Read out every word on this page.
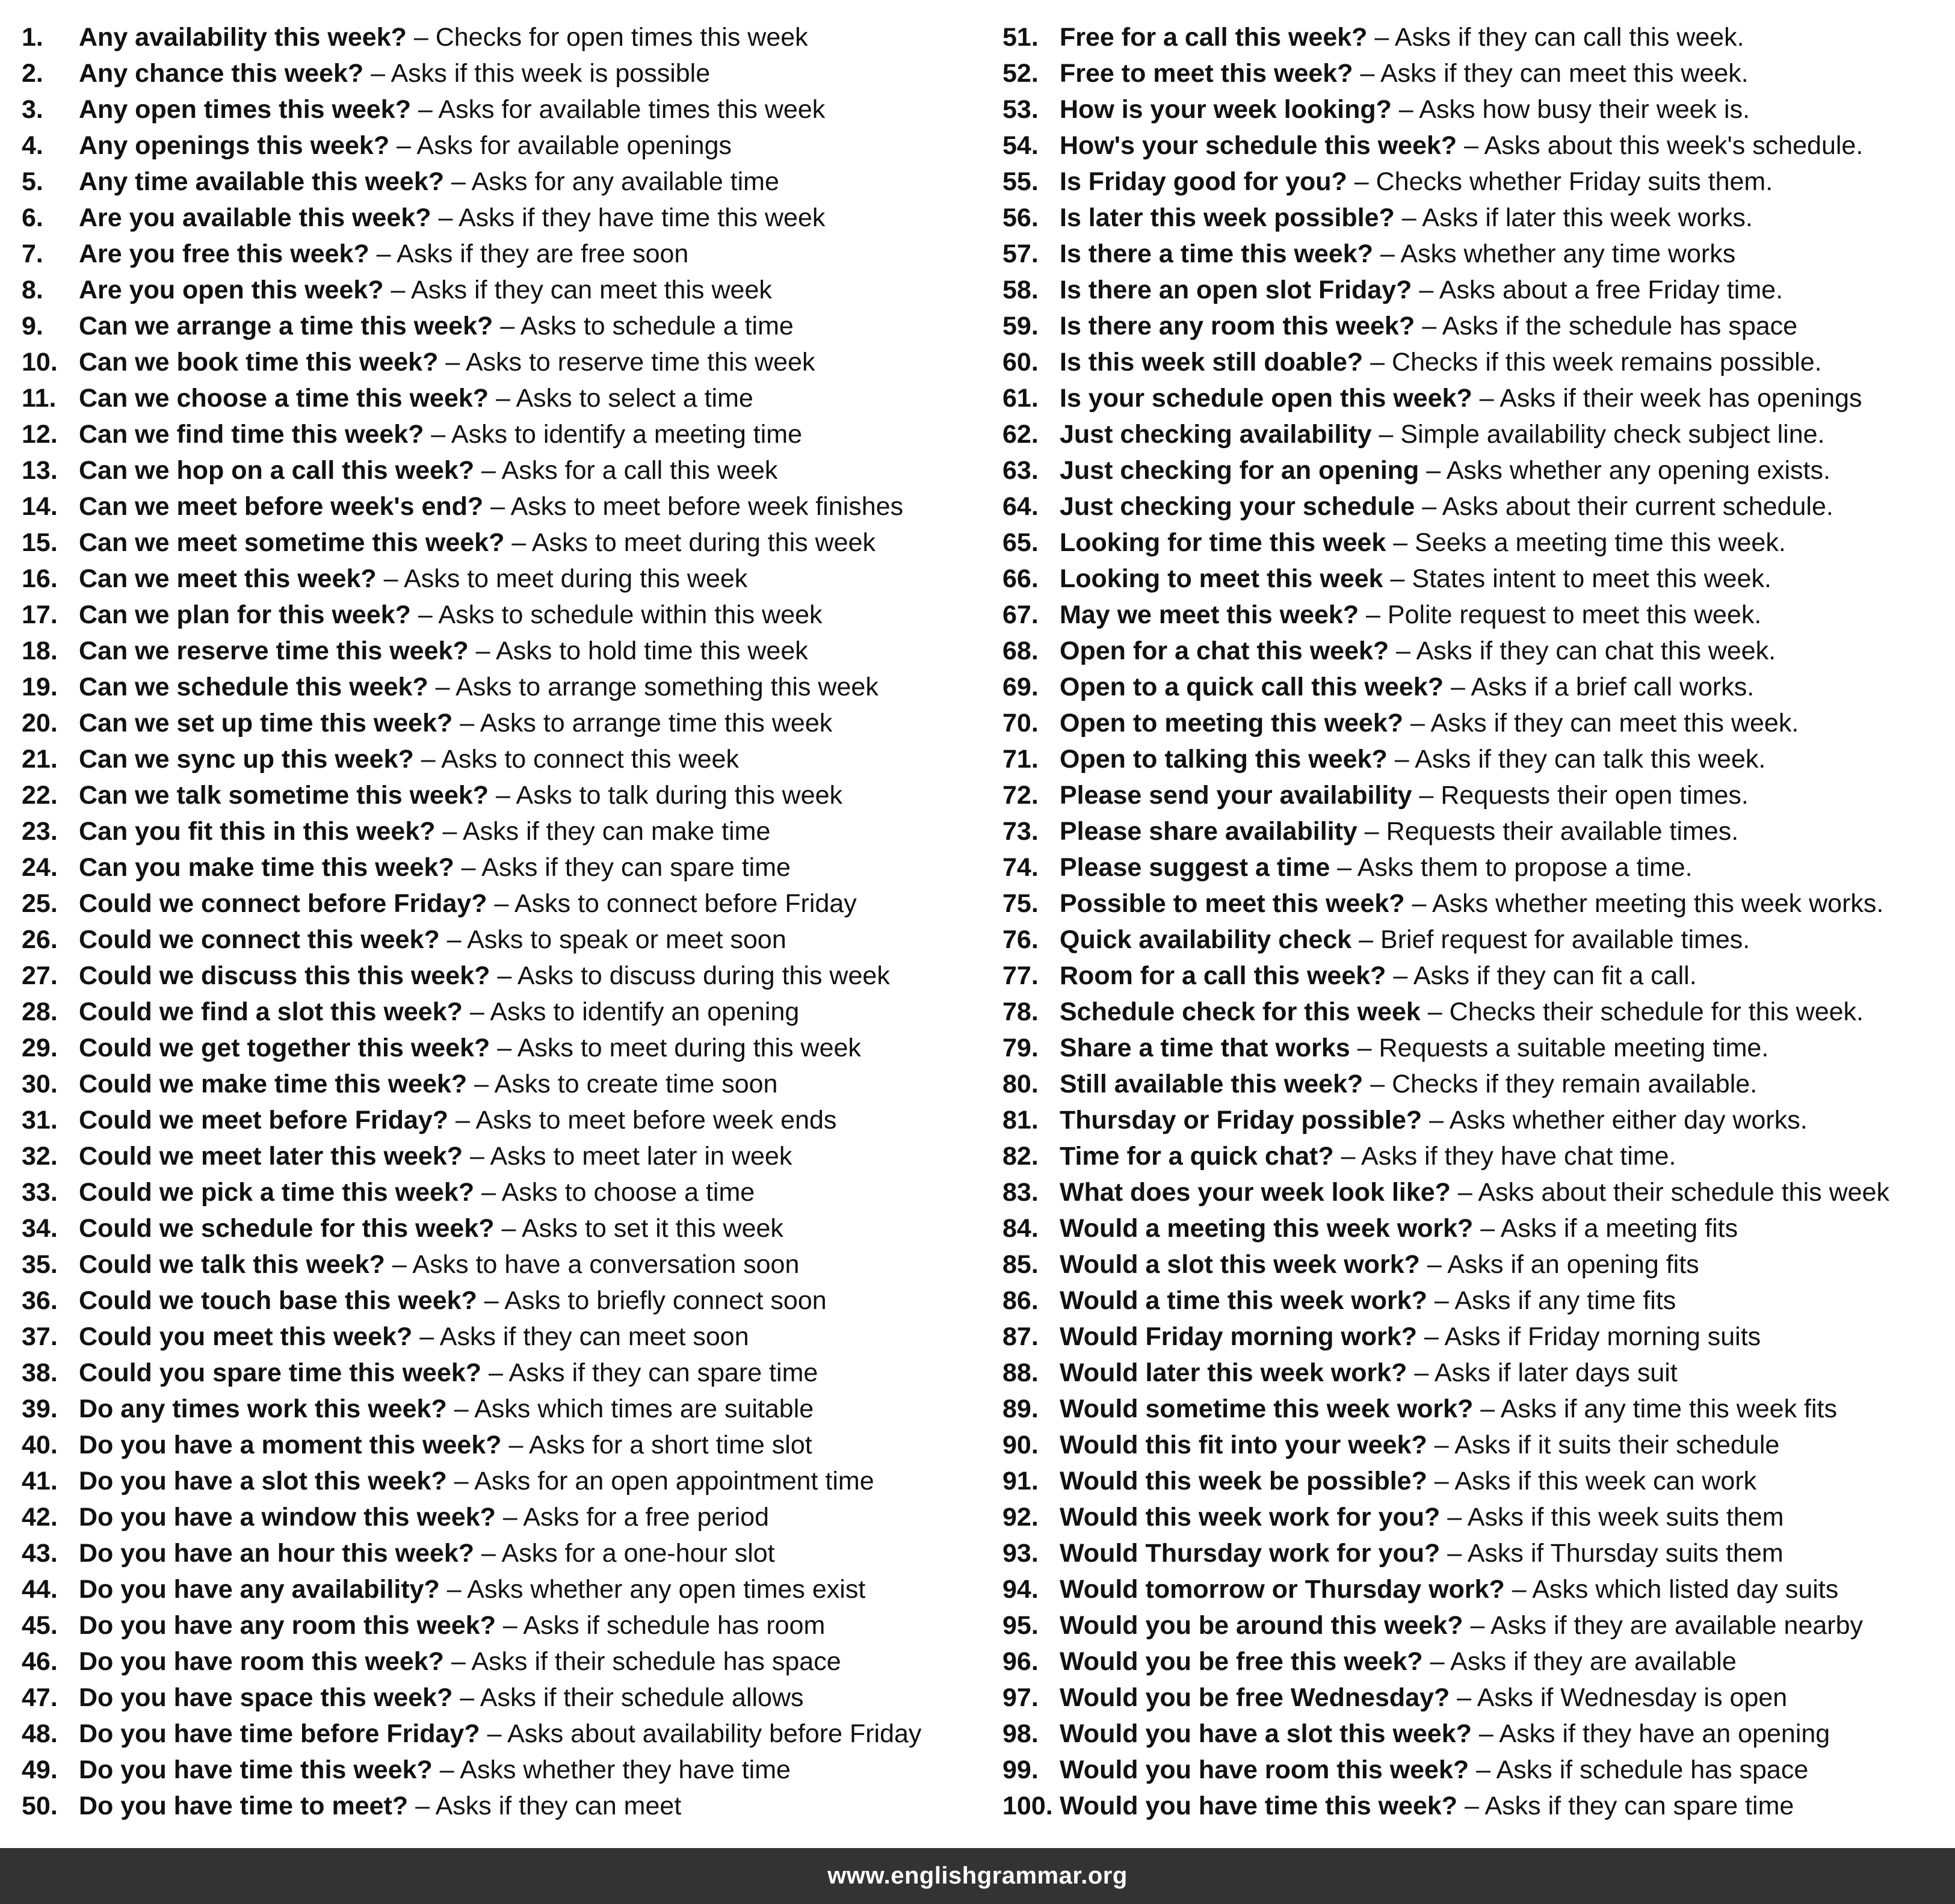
1. Any availability this week? – Checks for open times this week
2. Any chance this week? – Asks if this week is possible
3. Any open times this week? – Asks for available times this week
4. Any openings this week? – Asks for available openings
5. Any time available this week? – Asks for any available time
6. Are you available this week? – Asks if they have time this week
7. Are you free this week? – Asks if they are free soon
8. Are you open this week? – Asks if they can meet this week
9. Can we arrange a time this week? – Asks to schedule a time
10. Can we book time this week? – Asks to reserve time this week
11. Can we choose a time this week? – Asks to select a time
12. Can we find time this week? – Asks to identify a meeting time
13. Can we hop on a call this week? – Asks for a call this week
14. Can we meet before week's end? – Asks to meet before week finishes
15. Can we meet sometime this week? – Asks to meet during this week
16. Can we meet this week? – Asks to meet during this week
17. Can we plan for this week? – Asks to schedule within this week
18. Can we reserve time this week? – Asks to hold time this week
19. Can we schedule this week? – Asks to arrange something this week
20. Can we set up time this week? – Asks to arrange time this week
21. Can we sync up this week? – Asks to connect this week
22. Can we talk sometime this week? – Asks to talk during this week
23. Can you fit this in this week? – Asks if they can make time
24. Can you make time this week? – Asks if they can spare time
25. Could we connect before Friday? – Asks to connect before Friday
26. Could we connect this week? – Asks to speak or meet soon
27. Could we discuss this this week? – Asks to discuss during this week
28. Could we find a slot this week? – Asks to identify an opening
29. Could we get together this week? – Asks to meet during this week
30. Could we make time this week? – Asks to create time soon
31. Could we meet before Friday? – Asks to meet before week ends
32. Could we meet later this week? – Asks to meet later in week
33. Could we pick a time this week? – Asks to choose a time
34. Could we schedule for this week? – Asks to set it this week
35. Could we talk this week? – Asks to have a conversation soon
36. Could we touch base this week? – Asks to briefly connect soon
37. Could you meet this week? – Asks if they can meet soon
38. Could you spare time this week? – Asks if they can spare time
39. Do any times work this week? – Asks which times are suitable
40. Do you have a moment this week? – Asks for a short time slot
41. Do you have a slot this week? – Asks for an open appointment time
42. Do you have a window this week? – Asks for a free period
43. Do you have an hour this week? – Asks for a one-hour slot
44. Do you have any availability? – Asks whether any open times exist
45. Do you have any room this week? – Asks if schedule has room
46. Do you have room this week? – Asks if their schedule has space
47. Do you have space this week? – Asks if their schedule allows
48. Do you have time before Friday? – Asks about availability before Friday
49. Do you have time this week? – Asks whether they have time
50. Do you have time to meet? – Asks if they can meet
51. Free for a call this week? – Asks if they can call this week.
52. Free to meet this week? – Asks if they can meet this week.
53. How is your week looking? – Asks how busy their week is.
54. How's your schedule this week? – Asks about this week's schedule.
55. Is Friday good for you? – Checks whether Friday suits them.
56. Is later this week possible? – Asks if later this week works.
57. Is there a time this week? – Asks whether any time works
58. Is there an open slot Friday? – Asks about a free Friday time.
59. Is there any room this week? – Asks if the schedule has space
60. Is this week still doable? – Checks if this week remains possible.
61. Is your schedule open this week? – Asks if their week has openings
62. Just checking availability – Simple availability check subject line.
63. Just checking for an opening – Asks whether any opening exists.
64. Just checking your schedule – Asks about their current schedule.
65. Looking for time this week – Seeks a meeting time this week.
66. Looking to meet this week – States intent to meet this week.
67. May we meet this week? – Polite request to meet this week.
68. Open for a chat this week? – Asks if they can chat this week.
69. Open to a quick call this week? – Asks if a brief call works.
70. Open to meeting this week? – Asks if they can meet this week.
71. Open to talking this week? – Asks if they can talk this week.
72. Please send your availability – Requests their open times.
73. Please share availability – Requests their available times.
74. Please suggest a time – Asks them to propose a time.
75. Possible to meet this week? – Asks whether meeting this week works.
76. Quick availability check – Brief request for available times.
77. Room for a call this week? – Asks if they can fit a call.
78. Schedule check for this week – Checks their schedule for this week.
79. Share a time that works – Requests a suitable meeting time.
80. Still available this week? – Checks if they remain available.
81. Thursday or Friday possible? – Asks whether either day works.
82. Time for a quick chat? – Asks if they have chat time.
83. What does your week look like? – Asks about their schedule this week
84. Would a meeting this week work? – Asks if a meeting fits
85. Would a slot this week work? – Asks if an opening fits
86. Would a time this week work? – Asks if any time fits
87. Would Friday morning work? – Asks if Friday morning suits
88. Would later this week work? – Asks if later days suit
89. Would sometime this week work? – Asks if any time this week fits
90. Would this fit into your week? – Asks if it suits their schedule
91. Would this week be possible? – Asks if this week can work
92. Would this week work for you? – Asks if this week suits them
93. Would Thursday work for you? – Asks if Thursday suits them
94. Would tomorrow or Thursday work? – Asks which listed day suits
95. Would you be around this week? – Asks if they are available nearby
96. Would you be free this week? – Asks if they are available
97. Would you be free Wednesday? – Asks if Wednesday is open
98. Would you have a slot this week? – Asks if they have an opening
99. Would you have room this week? – Asks if schedule has space
100. Would you have time this week? – Asks if they can spare time
www.englishgrammar.org
